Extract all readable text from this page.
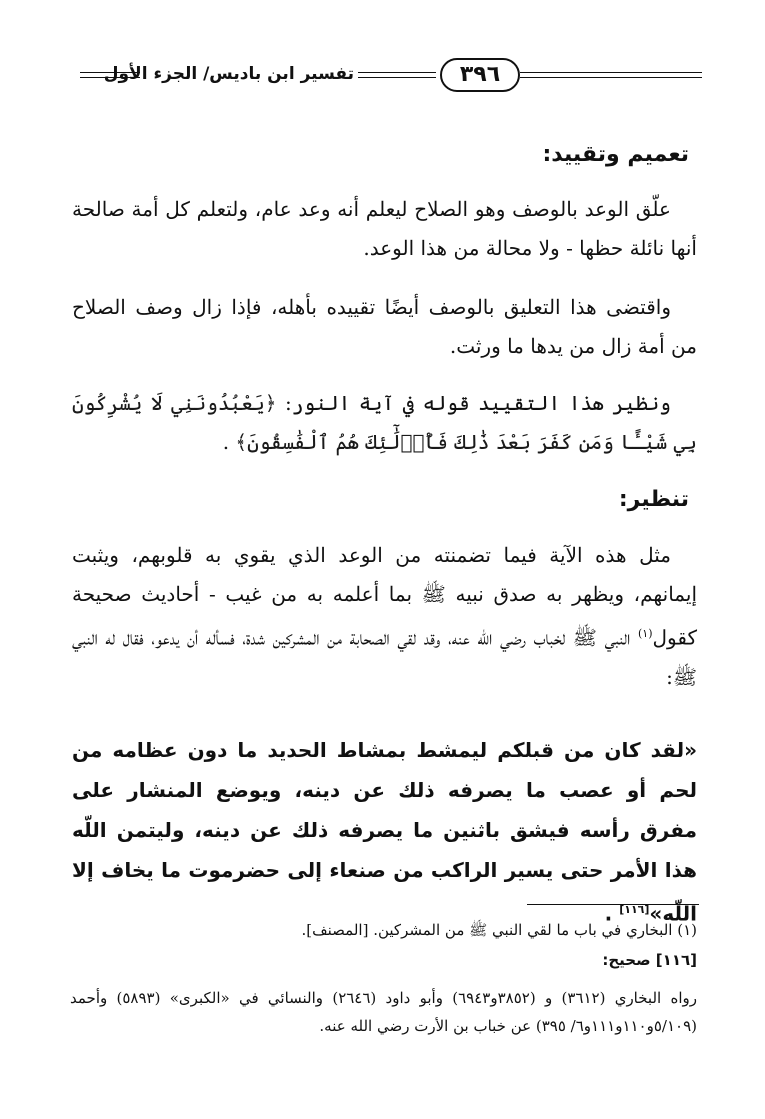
٣٩٦
تفسير ابن باديس/ الجزء الأول
تعميم وتقييد:

علّق الوعد بالوصف وهو الصلاح ليعلم أنه وعد عام، ولتعلم كل أمة صالحة أنها نائلة حظها - ولا محالة من هذا الوعد.

واقتضى هذا التعليق بالوصف أيضًا تقييده بأهله، فإذا زال وصف الصلاح من أمة زال من يدها ما ورثت.

ونظير هذا التقييد قوله في آية النور: ﴿يَعْبُدُونَنِي لَا يُشْرِكُونَ بِي شَيْـًٔا وَمَن كَفَرَ بَعْدَ ذَٰلِكَ فَأُو۟لَٰٓئِكَ هُمُ ٱلْفَٰسِقُونَ﴾ .

تنظير:

مثل هذه الآية فيما تضمنته من الوعد الذي يقوي به قلوبهم، ويثبت إيمانهم، ويظهر به صدق نبيه ﷺ بما أعلمه به من غيب - أحاديث صحيحة كقول$^{(١)}$ النبي ﷺ لخباب رضي الله عنه، وقد لقي الصحابة من المشركين شدة، فسأله أن يدعو، فقال له النبي ﷺ:

«لقد كان من قبلكم ليمشط بمشاط الحديد ما دون عظامه من لحم أو عصب ما يصرفه ذلك عن دينه، ويوضع المنشار على مفرق رأسه فيشق باثنين ما يصرفه ذلك عن دينه، وليتمن اللّه هذا الأمر حتى يسير الراكب من صنعاء إلى حضرموت ما يخاف إلا اللّه»[١١٦] .

(١) البخاري في باب ما لقي النبي ﷺ من المشركين. [المصنف].

[١١٦] صحيح:

رواه البخاري (٣٦١٢) و (٣٨٥٢و٦٩٤٣) وأبو داود (٢٦٤٦) والنسائي في «الكبرى» (٥٨٩٣) وأحمد (٥/١٠٩و١١٠و١١١و٦/ ٣٩٥) عن خباب بن الأرت رضي الله عنه.
